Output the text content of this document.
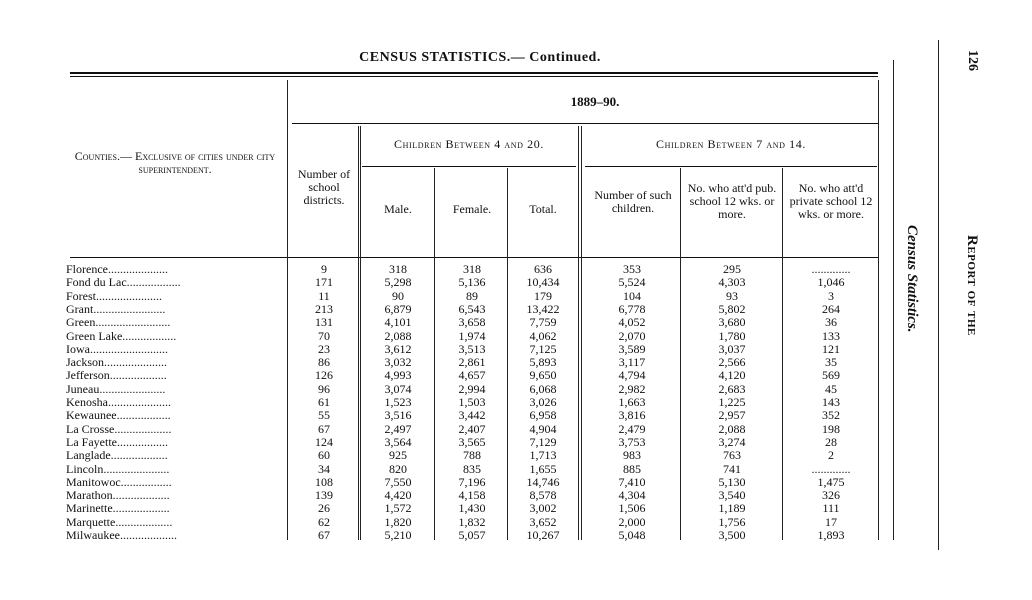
CENSUS STATISTICS.— Continued.
1889–90.
Counties.— Exclusive of cities under city superintendent.	Number of school districts.
Children Between 4 and 20.	Children Between 7 and 14.
Male.	Female.	Total.
Number of such children.
No. who att'd pub. school 12 wks. or more.
No. who att'd private school 12 wks. or more.
Florence....................	9	318	318	636	353	295	.............
Fond du Lac..................	171	5,298	5,136	10,434	5,524	4,303	1,046
Forest......................	11	90	89	179	104	93	3
Grant........................	213	6,879	6,543	13,422	6,778	5,802	264
Green.........................	131	4,101	3,658	7,759	4,052	3,680	36
Green Lake..................	70	2,088	1,974	4,062	2,070	1,780	133
Iowa..........................	23	3,612	3,513	7,125	3,589	3,037	121
Jackson.....................	86	3,032	2,861	5,893	3,117	2,566	35
Jefferson...................	126	4,993	4,657	9,650	4,794	4,120	569
Juneau......................	96	3,074	2,994	6,068	2,982	2,683	45
Kenosha.....................	61	1,523	1,503	3,026	1,663	1,225	143
Kewaunee..................	55	3,516	3,442	6,958	3,816	2,957	352
La Crosse...................	67	2,497	2,407	4,904	2,479	2,088	198
La Fayette.................	124	3,564	3,565	7,129	3,753	3,274	28
Langlade...................	60	925	788	1,713	983	763	2
Lincoln......................	34	820	835	1,655	885	741	.............
Manitowoc.................	108	7,550	7,196	14,746	7,410	5,130	1,475
Marathon...................	139	4,420	4,158	8,578	4,304	3,540	326
Marinette...................	26	1,572	1,430	3,002	1,506	1,189	111
Marquette...................	62	1,820	1,832	3,652	2,000	1,756	17
Milwaukee...................	67	5,210	5,057	10,267	5,048	3,500	1,893
126
Census Statistics.	Report of the
